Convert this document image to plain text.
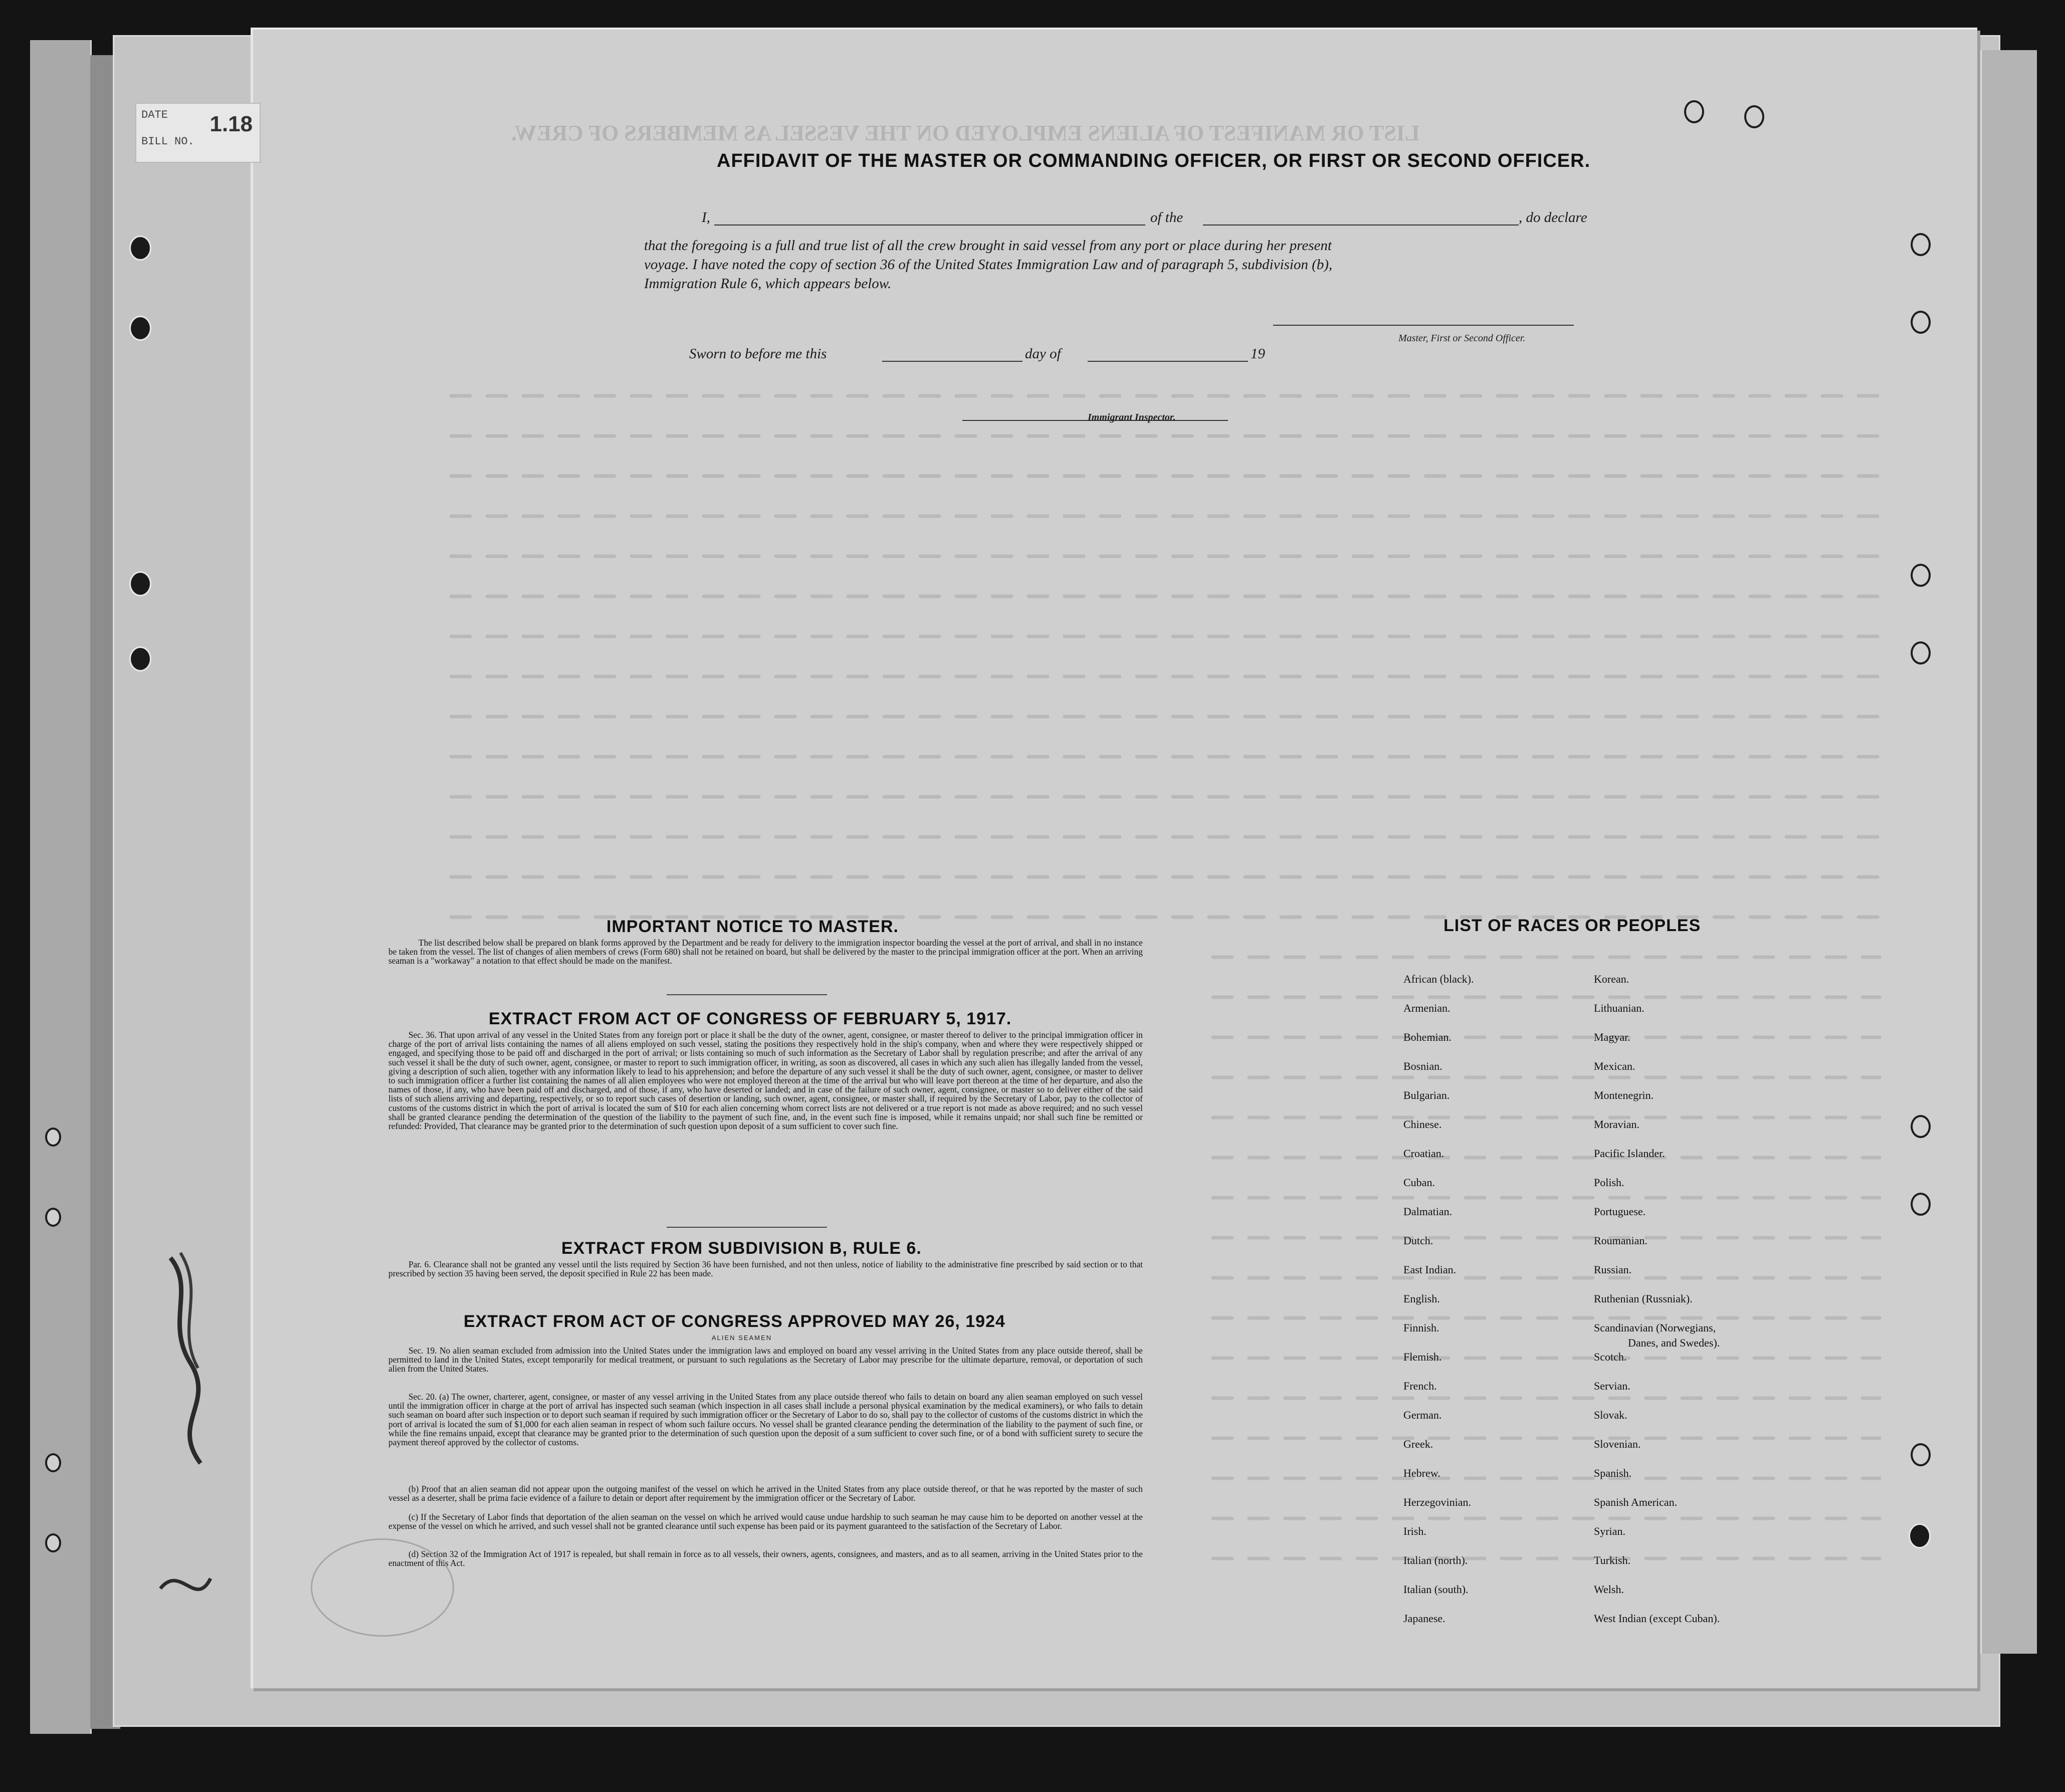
DATE
BILL NO.
1.18	LIST OR MANIFEST OF ALIENS EMPLOYED ON THE VESSEL AS MEMBERS OF CREW.
AFFIDAVIT OF THE MASTER OR COMMANDING OFFICER, OR FIRST OR SECOND OFFICER.
I,	of the	, do declare
that the foregoing is a full and true list of all the crew brought in said vessel from any port or place during her present
voyage. I have noted the copy of section 36 of the United States Immigration Law and of paragraph 5, subdivision (b),
Immigration Rule 6, which appears below.
Master, First or Second Officer.
Sworn to before me this	day of	19
Immigrant Inspector.
IMPORTANT NOTICE TO MASTER.
The list described below shall be prepared on blank forms approved by the Department and be ready for delivery to the immigration inspector boarding the vessel at the port of arrival, and shall in no instance be taken from the vessel. The list of changes of alien members of crews (Form 680) shall not be retained on board, but shall be delivered by the master to the principal immigration officer at the port. When an arriving seaman is a "workaway" a notation to that effect should be made on the manifest.
EXTRACT FROM ACT OF CONGRESS OF FEBRUARY 5, 1917.
Sec. 36. That upon arrival of any vessel in the United States from any foreign port or place it shall be the duty of the owner, agent, consignee, or master thereof to deliver to the principal immigration officer in charge of the port of arrival lists containing the names of all aliens employed on such vessel, stating the positions they respectively hold in the ship's company, when and where they were respectively shipped or engaged, and specifying those to be paid off and discharged in the port of arrival; or lists containing so much of such information as the Secretary of Labor shall by regulation prescribe; and after the arrival of any such vessel it shall be the duty of such owner, agent, consignee, or master to report to such immigration officer, in writing, as soon as discovered, all cases in which any such alien has illegally landed from the vessel, giving a description of such alien, together with any information likely to lead to his apprehension; and before the departure of any such vessel it shall be the duty of such owner, agent, consignee, or master to deliver to such immigration officer a further list containing the names of all alien employees who were not employed thereon at the time of the arrival but who will leave port thereon at the time of her departure, and also the names of those, if any, who have been paid off and discharged, and of those, if any, who have deserted or landed; and in case of the failure of such owner, agent, consignee, or master so to deliver either of the said lists of such aliens arriving and departing, respectively, or so to report such cases of desertion or landing, such owner, agent, consignee, or master shall, if required by the Secretary of Labor, pay to the collector of customs of the customs district in which the port of arrival is located the sum of $10 for each alien concerning whom correct lists are not delivered or a true report is not made as above required; and no such vessel shall be granted clearance pending the determination of the question of the liability to the payment of such fine, and, in the event such fine is imposed, while it remains unpaid; nor shall such fine be remitted or refunded: Provided, That clearance may be granted prior to the determination of such question upon deposit of a sum sufficient to cover such fine.
EXTRACT FROM SUBDIVISION B, RULE 6.
Par. 6. Clearance shall not be granted any vessel until the lists required by Section 36 have been furnished, and not then unless, notice of liability to the administrative fine prescribed by said section or to that prescribed by section 35 having been served, the deposit specified in Rule 22 has been made.
EXTRACT FROM ACT OF CONGRESS APPROVED MAY 26, 1924
ALIEN SEAMEN
Sec. 19. No alien seaman excluded from admission into the United States under the immigration laws and employed on board any vessel arriving in the United States from any place outside thereof, shall be permitted to land in the United States, except temporarily for medical treatment, or pursuant to such regulations as the Secretary of Labor may prescribe for the ultimate departure, removal, or deportation of such alien from the United States.
Sec. 20. (a) The owner, charterer, agent, consignee, or master of any vessel arriving in the United States from any place outside thereof who fails to detain on board any alien seaman employed on such vessel until the immigration officer in charge at the port of arrival has inspected such seaman (which inspection in all cases shall include a personal physical examination by the medical examiners), or who fails to detain such seaman on board after such inspection or to deport such seaman if required by such immigration officer or the Secretary of Labor to do so, shall pay to the collector of customs of the customs district in which the port of arrival is located the sum of $1,000 for each alien seaman in respect of whom such failure occurs. No vessel shall be granted clearance pending the determination of the liability to the payment of such fine, or while the fine remains unpaid, except that clearance may be granted prior to the determination of such question upon the deposit of a sum sufficient to cover such fine, or of a bond with sufficient surety to secure the payment thereof approved by the collector of customs.
(b) Proof that an alien seaman did not appear upon the outgoing manifest of the vessel on which he arrived in the United States from any place outside thereof, or that he was reported by the master of such vessel as a deserter, shall be prima facie evidence of a failure to detain or deport after requirement by the immigration officer or the Secretary of Labor.
(c) If the Secretary of Labor finds that deportation of the alien seaman on the vessel on which he arrived would cause undue hardship to such seaman he may cause him to be deported on another vessel at the expense of the vessel on which he arrived, and such vessel shall not be granted clearance until such expense has been paid or its payment guaranteed to the satisfaction of the Secretary of Labor.
(d) Section 32 of the Immigration Act of 1917 is repealed, but shall remain in force as to all vessels, their owners, agents, consignees, and masters, and as to all seamen, arriving in the United States prior to the enactment of this Act.
LIST OF RACES OR PEOPLES
African (black).
Armenian.
Bohemian.
Bosnian.
Bulgarian.
Chinese.
Croatian.
Cuban.
Dalmatian.
Dutch.
East Indian.
English.
Finnish.
Flemish.
French.
German.
Greek.
Hebrew.
Herzegovinian.
Irish.
Italian (north).
Italian (south).
Japanese.
Korean.
Lithuanian.
Magyar.
Mexican.
Montenegrin.
Moravian.
Pacific Islander.
Polish.
Portuguese.
Roumanian.
Russian.
Ruthenian (Russniak).
Scandinavian (Norwegians,
Danes, and Swedes).
Scotch.
Servian.
Slovak.
Slovenian.
Spanish.
Spanish American.
Syrian.
Turkish.
Welsh.
West Indian (except Cuban).
